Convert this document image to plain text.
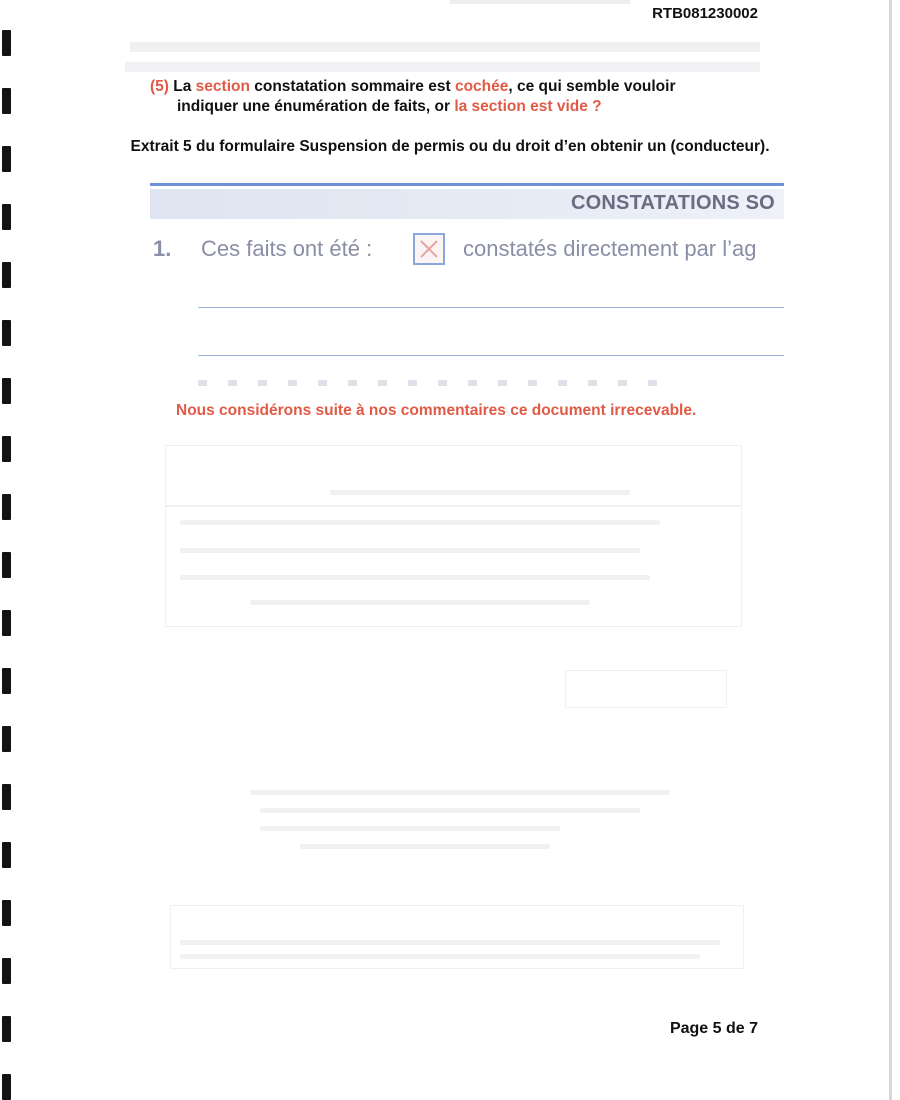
RTB081230002
(5) La section constatation sommaire est cochée, ce qui semble vouloir
indiquer une énumération de faits, or la section est vide ?
Extrait 5 du formulaire Suspension de permis ou du droit d’en obtenir un (conducteur).
CONSTATATIONS SO
1. Ces faits ont été :	constatés directement par l’ag
Nous considérons suite à nos commentaires ce document irrecevable.
Page 5 de 7
